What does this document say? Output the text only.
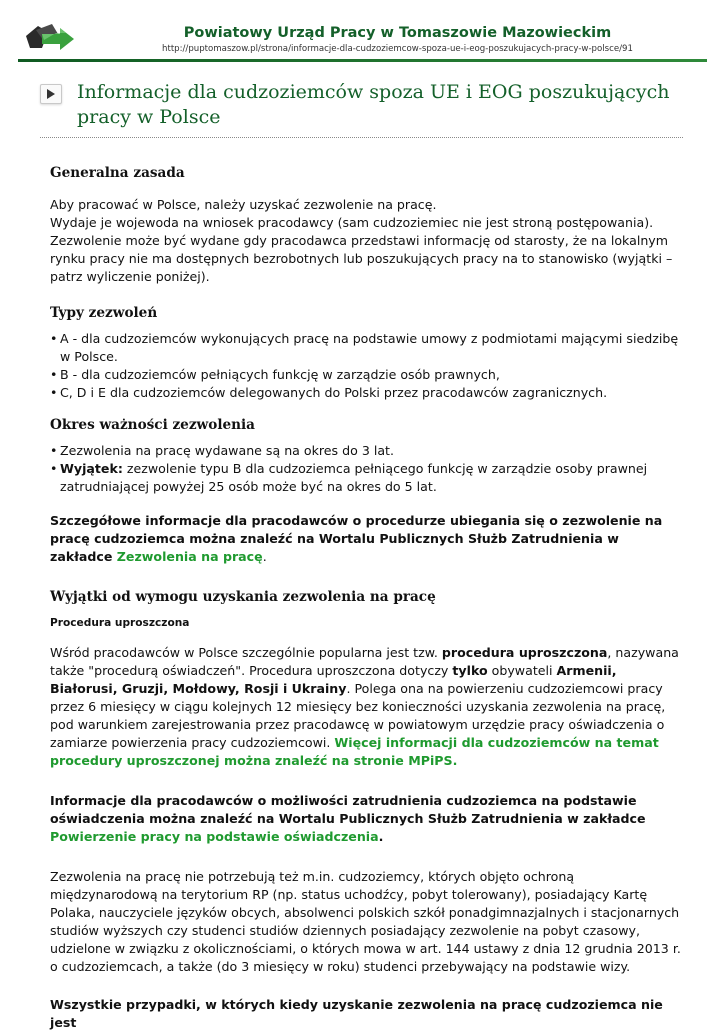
Powiatowy Urząd Pracy w Tomaszowie Mazowieckim
http://puptomaszow.pl/strona/informacje-dla-cudzoziemcow-spoza-ue-i-eog-poszukujacych-pracy-w-polsce/91
Informacje dla cudzoziemców spoza UE i EOG poszukujących pracy w Polsce
Generalna zasada

Aby pracować w Polsce, należy uzyskać zezwolenie na pracę.

Wydaje je wojewoda na wniosek pracodawcy (sam cudzoziemiec nie jest stroną postępowania).

Zezwolenie może być wydane gdy pracodawca przedstawi informację od starosty, że na lokalnym rynku pracy nie ma dostępnych bezrobotnych lub poszukujących pracy na to stanowisko (wyjątki – patrz wyliczenie poniżej).

Typy zezwoleń
• A - dla cudzoziemców wykonujących pracę na podstawie umowy z podmiotami mającymi siedzibę w Polsce.
• B - dla cudzoziemców pełniących funkcję w zarządzie osób prawnych,
• C, D i E dla cudzoziemców delegowanych do Polski przez pracodawców zagranicznych.
Okres ważności zezwolenia
• Zezwolenia na pracę wydawane są na okres do 3 lat.
• Wyjątek: zezwolenie typu B dla cudzoziemca pełniącego funkcję w zarządzie osoby prawnej zatrudniającej powyżej 25 osób może być na okres do 5 lat.

Szczegółowe informacje dla pracodawców o procedurze ubiegania się o zezwolenie na pracę cudzoziemca można znaleźć na Wortalu Publicznych Służb Zatrudnienia w zakładce Zezwolenia na pracę.

Wyjątki od wymogu uzyskania zezwolenia na pracę

Procedura uproszczona

Wśród pracodawców w Polsce szczególnie popularna jest tzw. procedura uproszczona, nazywana także "procedurą oświadczeń". Procedura uproszczona dotyczy tylko obywateli Armenii, Białorusi, Gruzji, Mołdowy, Rosji i Ukrainy. Polega ona na powierzeniu cudzoziemcowi pracy przez 6 miesięcy w ciągu kolejnych 12 miesięcy bez konieczności uzyskania zezwolenia na pracę, pod warunkiem zarejestrowania przez pracodawcę w powiatowym urzędzie pracy oświadczenia o zamiarze powierzenia pracy cudzoziemcowi. Więcej informacji dla cudzoziemców na temat procedury uproszczonej można znaleźć na stronie MPiPS.

Informacje dla pracodawców o możliwości zatrudnienia cudzoziemca na podstawie oświadczenia można znaleźć na Wortalu Publicznych Służb Zatrudnienia w zakładce Powierzenie pracy na podstawie oświadczenia.

Zezwolenia na pracę nie potrzebują też m.in. cudzoziemcy, których objęto ochroną międzynarodową na terytorium RP (np. status uchodźcy, pobyt tolerowany), posiadający Kartę Polaka, nauczyciele języków obcych, absolwenci polskich szkół ponadgimnazjalnych i stacjonarnych studiów wyższych czy studenci studiów dziennych posiadający zezwolenie na pobyt czasowy, udzielone w związku z okolicznościami, o których mowa w art. 144 ustawy z dnia 12 grudnia 2013 r. o cudzoziemcach, a także (do 3 miesięcy w roku) studenci przebywający na podstawie wizy.

Wszystkie przypadki, w których kiedy uzyskanie zezwolenia na pracę cudzoziemca nie jest
